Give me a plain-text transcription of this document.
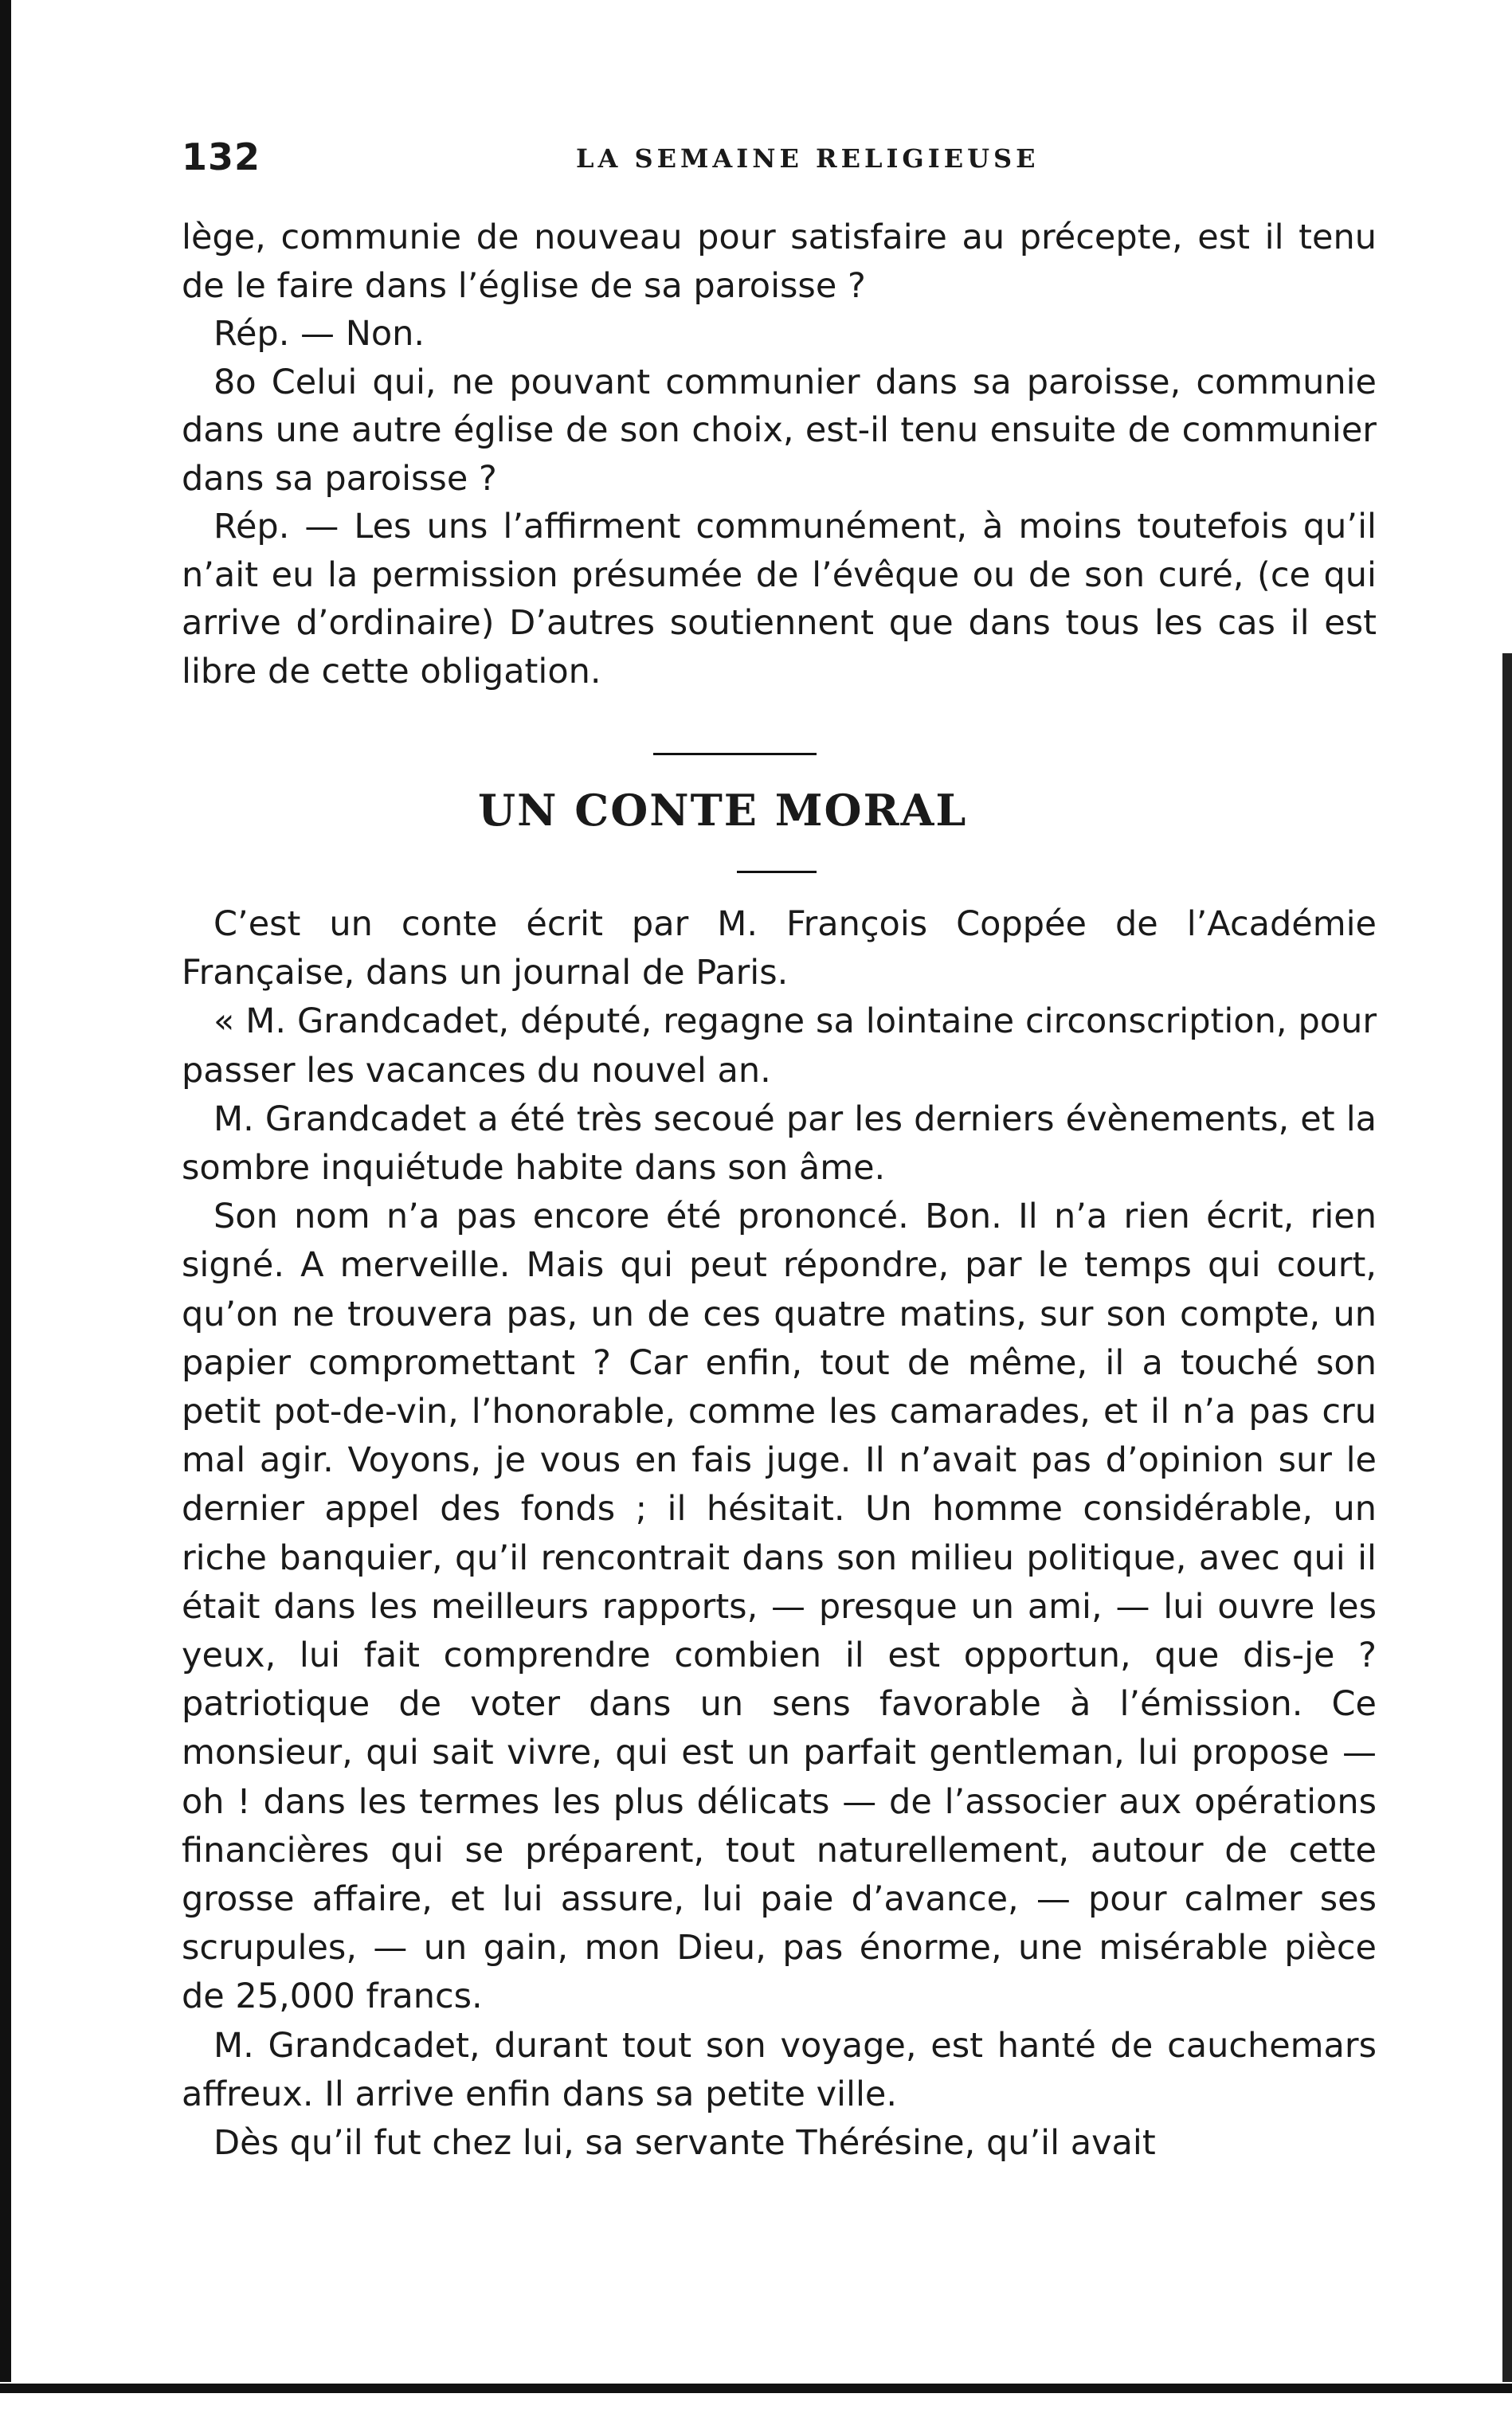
132	LA SEMAINE RELIGIEUSE

lège, communie de nouveau pour satisfaire au précepte, est il tenu de le faire dans l’église de sa paroisse ?

Rép. — Non.

8o Celui qui, ne pouvant communier dans sa paroisse, communie dans une autre église de son choix, est-il tenu ensuite de communier dans sa paroisse ?

Rép. — Les uns l’affirment communément, à moins toutefois qu’il n’ait eu la permission présumée de l’évêque ou de son curé, (ce qui arrive d’ordinaire) D’autres soutiennent que dans tous les cas il est libre de cette obligation.

UN CONTE MORAL

C’est un conte écrit par M. François Coppée de l’Académie Française, dans un journal de Paris.

« M. Grandcadet, député, regagne sa lointaine circonscription, pour passer les vacances du nouvel an.

M. Grandcadet a été très secoué par les derniers évènements, et la sombre inquiétude habite dans son âme.

Son nom n’a pas encore été prononcé. Bon. Il n’a rien écrit, rien signé. A merveille. Mais qui peut répondre, par le temps qui court, qu’on ne trouvera pas, un de ces quatre matins, sur son compte, un papier compromettant ? Car enfin, tout de même, il a touché son petit pot-de-vin, l’honorable, comme les camarades, et il n’a pas cru mal agir. Voyons, je vous en fais juge. Il n’avait pas d’opinion sur le dernier appel des fonds ; il hésitait. Un homme considérable, un riche banquier, qu’il rencontrait dans son milieu politique, avec qui il était dans les meilleurs rapports, — presque un ami, — lui ouvre les yeux, lui fait comprendre combien il est opportun, que dis-je ? patriotique de voter dans un sens favorable à l’émission. Ce monsieur, qui sait vivre, qui est un parfait gentleman, lui propose — oh ! dans les termes les plus délicats — de l’associer aux opérations financières qui se préparent, tout naturellement, autour de cette grosse affaire, et lui assure, lui paie d’avance, — pour calmer ses scrupules, — un gain, mon Dieu, pas énorme, une misérable pièce de 25,000 francs.

M. Grandcadet, durant tout son voyage, est hanté de cauchemars affreux. Il arrive enfin dans sa petite ville.

Dès qu’il fut chez lui, sa servante Thérésine, qu’il avait
